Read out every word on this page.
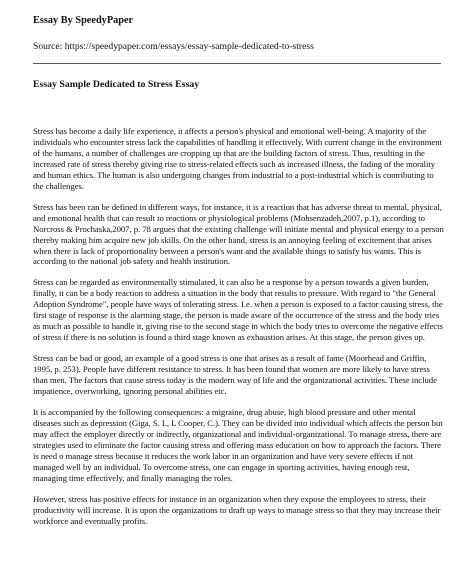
Essay By SpeedyPaper
Source: https://speedypaper.com/essays/essay-sample-dedicated-to-stress
Essay Sample Dedicated to Stress Essay

Stress has become a daily life experience, it affects a person's physical and emotional well-being. A majority of the individuals who encounter stress lack the capabilities of handling it effectively. With current change in the environment of the humans, a number of challenges are cropping up that are the building factors of stress. Thus, resulting in the increased rate of stress thereby giving rise to stress-related effects such as increased illness, the fading of the morality and human ethics. The human is also undergoing changes from industrial to a post-industrial which is contributing to the challenges.

Stress has been can be defined in different ways, for instance, it is a reaction that has adverse threat to mental, physical, and emotional health that can result to reactions or physiological problems (Mohsenzadeh,2007, p.1), according to Norcross & Prochaska,2007, p. 78 argues that the existing challenge will initiate mental and physical energy to a person thereby making him acquire new job skills. On the other hand, stress is an annoying feeling of excitement that arises when there is lack of proportionality between a person's want and the available things to satisfy his wants. This is according to the national job safety and health institution.

Stress can be regarded as environmentally stimulated, it can also be a response by a person towards a given burden, finally, it can be a body reaction to address a situation in the body that results to pressure. With regard to "the General Adoption Syndrome", people have ways of tolerating stress. I.e. when a person is exposed to a factor causing stress, the first stage of response is the alarming stage, the person is made aware of the occurrence of the stress and the body tries as much as possible to handle it, giving rise to the second stage in which the body tries to overcome the negative effects of stress if there is no solution is found a third stage known as exhaustion arises. At this stage, the person gives up.

Stress can be bad or good, an example of a good stress is one that arises as a result of fame (Moorhead and Griffin, 1995, p. 253). People have different resistance to stress. It has been found that women are more likely to have stress than men. The factors that cause stress today is the modern way of life and the organizational activities. These include impatience, overworking, ignoring personal abilities etc.

It is accompanied by the following consequences: a migraine, drug abuse, high blood pressure and other mental diseases such as depression (Giga, S. I., L Cooper, C.). They can be divided into individual which affects the person but may affect the employer directly or indirectly, organizational and individual-organizational. To manage stress, there are strategies used to eliminate the factor causing stress and offering mass education on how to approach the factors. There is need o manage stress because it reduces the work labor in an organization and have very severe effects if not managed well by an individual. To overcome stress, one can engage in sporting activities, having enough rest, managing time effectively, and finally managing the roles.

However, stress has positive effects for instance in an organization when they expose the employees to stress, their productivity will increase. It is upon the organizations to draft up ways to manage stress so that they may increase their workforce and eventually profits.
